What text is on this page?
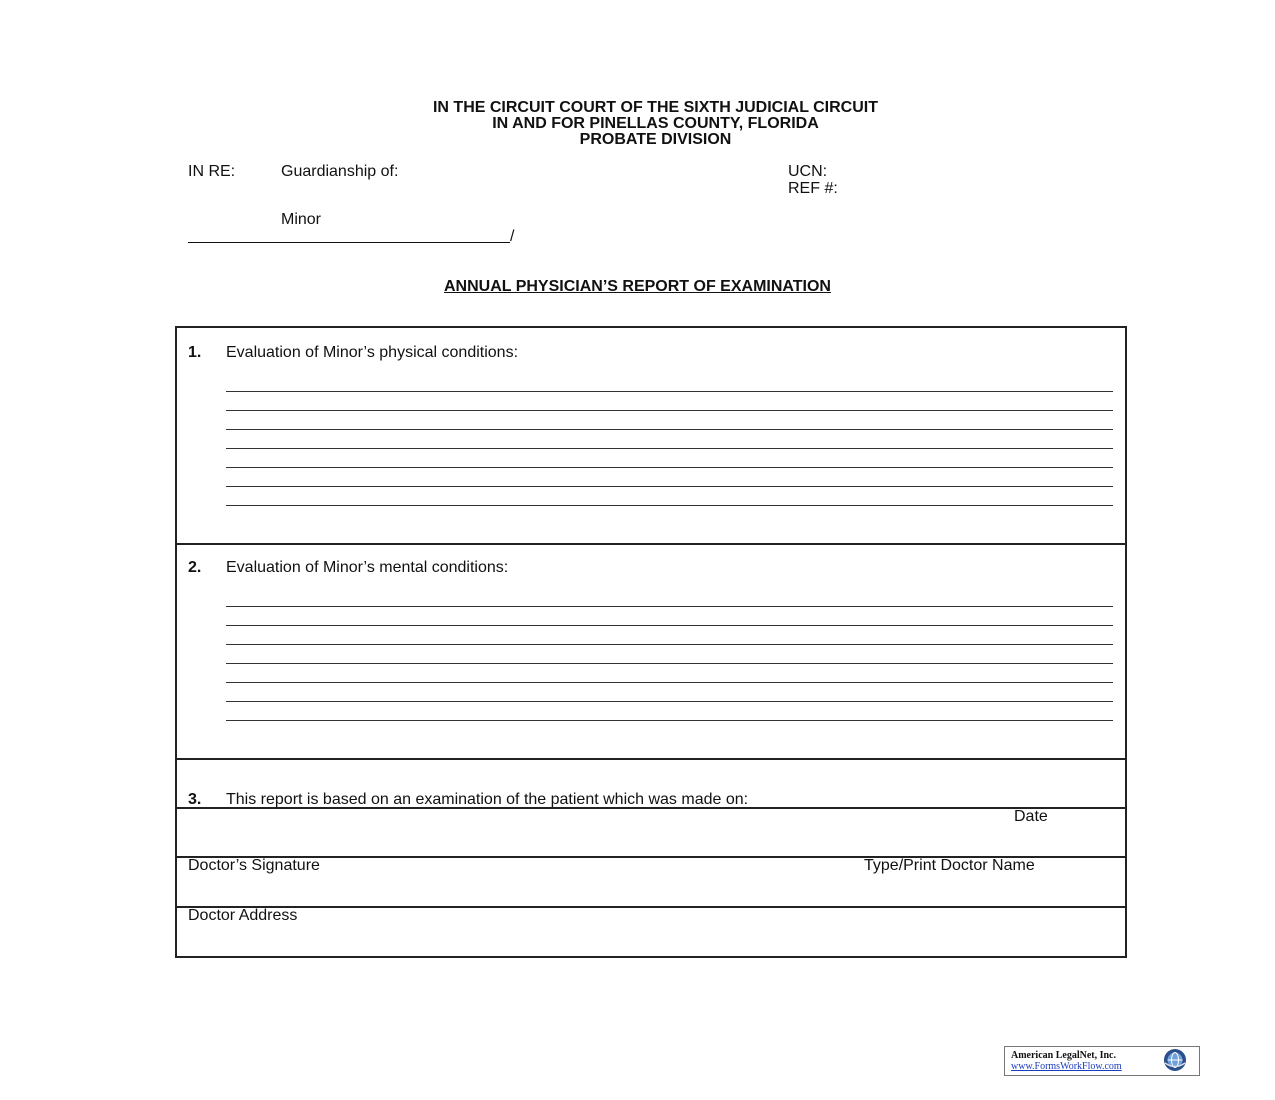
IN THE CIRCUIT COURT OF THE SIXTH JUDICIAL CIRCUIT
IN AND FOR PINELLAS COUNTY, FLORIDA
PROBATE DIVISION
IN RE:	Guardianship of:	UCN:
REF #:
Minor
/
ANNUAL PHYSICIAN’S REPORT OF EXAMINATION
1. Evaluation of Minor’s physical conditions:
2. Evaluation of Minor’s mental conditions:
3. This report is based on an examination of the patient which was made on:
Date
Doctor’s Signature	Type/Print Doctor Name
Doctor Address
American LegalNet, Inc.
www.FormsWorkFlow.com
